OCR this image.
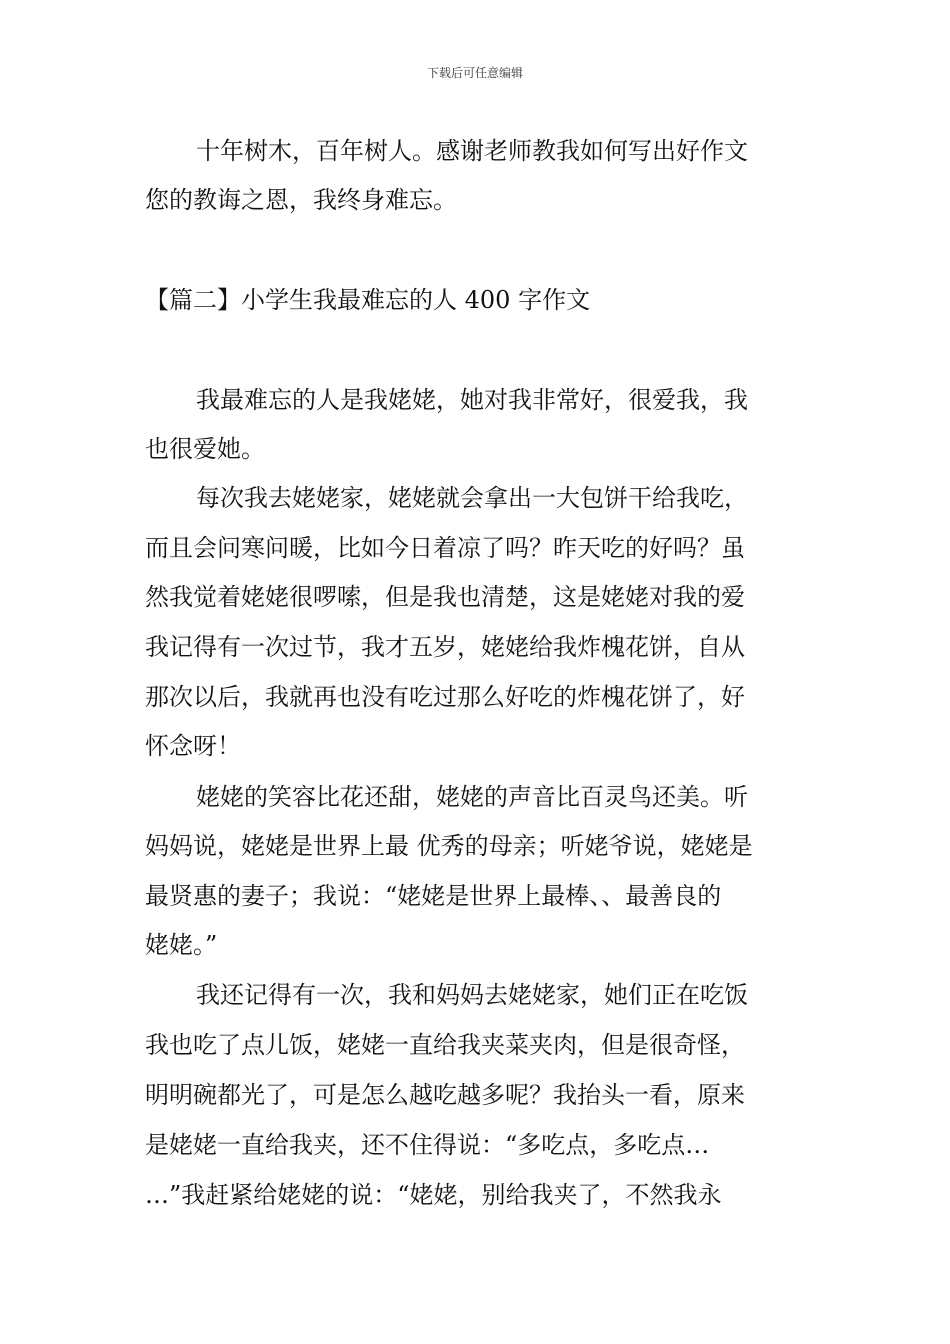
下载后可任意编辑
十年树木，百年树人。感谢老师教我如何写出好作文
您的教诲之恩，我终身难忘。
【篇二】小学生我最难忘的人 400 字作文
我最难忘的人是我姥姥，她对我非常好，很爱我，我
也很爱她。
每次我去姥姥家，姥姥就会拿出一大包饼干给我吃，
而且会问寒问暖，比如今日着凉了吗？昨天吃的好吗？虽
然我觉着姥姥很啰嗦，但是我也清楚，这是姥姥对我的爱
我记得有一次过节，我才五岁，姥姥给我炸槐花饼，自从
那次以后，我就再也没有吃过那么好吃的炸槐花饼了，好
怀念呀！
姥姥的笑容比花还甜，姥姥的声音比百灵鸟还美。听
妈妈说，姥姥是世界上最 优秀的母亲；听姥爷说，姥姥是
最贤惠的妻子；我说：“姥姥是世界上最棒、、最善良的
姥姥。”
我还记得有一次，我和妈妈去姥姥家，她们正在吃饭
我也吃了点儿饭，姥姥一直给我夹菜夹肉，但是很奇怪，
明明碗都光了，可是怎么越吃越多呢？我抬头一看，原来
是姥姥一直给我夹，还不住得说：“多吃点，多吃点…
…”我赶紧给姥姥的说：“姥姥，别给我夹了，不然我永
